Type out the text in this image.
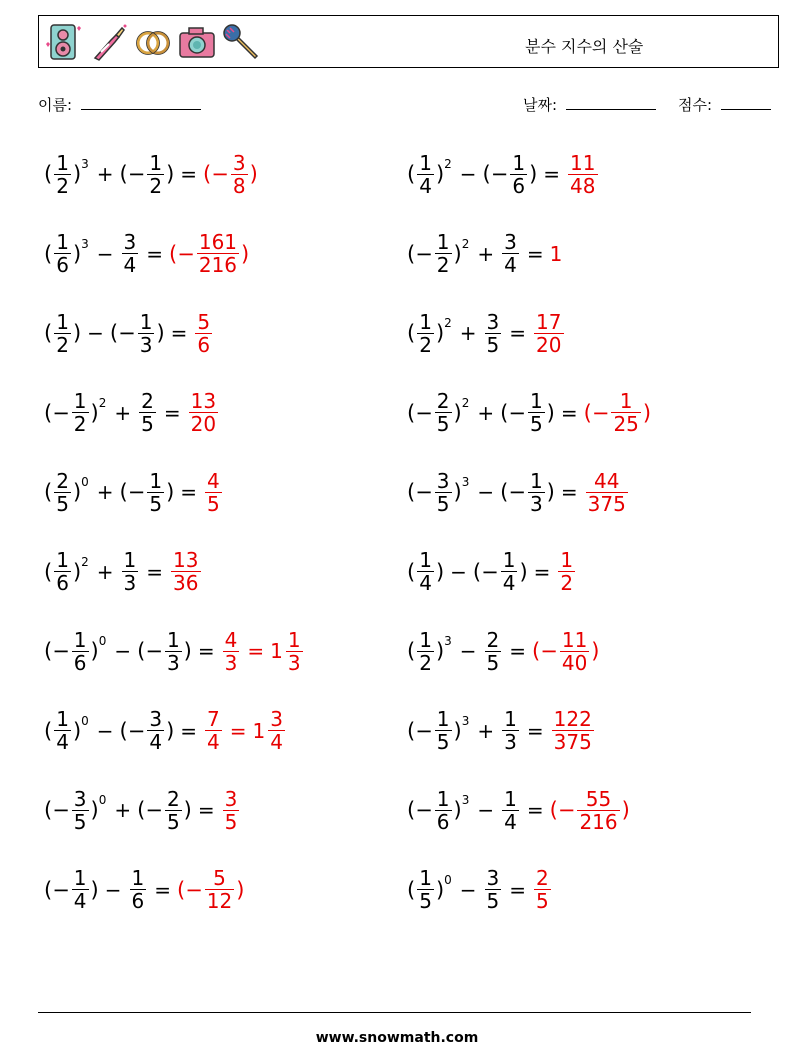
분수 지수의 산술
이름:	날짜:	점수:
( $\frac{1}{2}$ ) 3 + (− $\frac{1}{2}$ ) = (− $\frac{3}{8}$ )	( $\frac{1}{4}$ ) 2 − (− $\frac{1}{6}$ ) = $\frac{11}{48}$
( $\frac{1}{6}$ ) $3 - \frac{3}{4}$ = (− $\frac{161}{216}$ )	(− $\frac{1}{2}$ ) $2 + \frac{3}{4} = 1$
( $\frac{1}{2}$ ) − (− $\frac{1}{3}$ ) = $\frac{5}{6}$	( $\frac{1}{2}$ ) $2 + \frac{3}{5} = \frac{17}{20}$
(− $\frac{1}{2}$ ) $2 + \frac{2}{5} = \frac{13}{20}$	(− $\frac{2}{5}$ ) 2 + (− $\frac{1}{5}$ ) = (− $\frac{1}{25}$ )
( $\frac{2}{5}$ ) 0 + (− $\frac{1}{5}$ ) = $\frac{4}{5}$	(− $\frac{3}{5}$ ) 3 − (− $\frac{1}{3}$ ) = $\frac{44}{375}$
( $\frac{1}{6}$ ) $2 + \frac{1}{3} = \frac{13}{36}$	( $\frac{1}{4}$ ) − (− $\frac{1}{4}$ ) = $\frac{1}{2}$
(− $\frac{1}{6}$ ) 0 − (− $\frac{1}{3}$ ) = $\frac{4}{3} = 1 \frac{1}{3}$	( $\frac{1}{2}$ ) $3 - \frac{2}{5}$ = (− $\frac{11}{40}$ )
( $\frac{1}{4}$ ) 0 − (− $\frac{3}{4}$ ) = $\frac{7}{4} = 1 \frac{3}{4}$	(− $\frac{1}{5}$ ) $3 + \frac{1}{3} = \frac{122}{375}$
(− $\frac{3}{5}$ ) 0 + (− $\frac{2}{5}$ ) = $\frac{3}{5}$	(− $\frac{1}{6}$ ) $3 - \frac{1}{4}$ = (− $\frac{55}{216}$ )
(− $\frac{1}{4}$ ) − $\frac{1}{6}$ = (− $\frac{5}{12}$ )	( $\frac{1}{5}$ ) $0 - \frac{3}{5} = \frac{2}{5}$
www.snowmath.com
